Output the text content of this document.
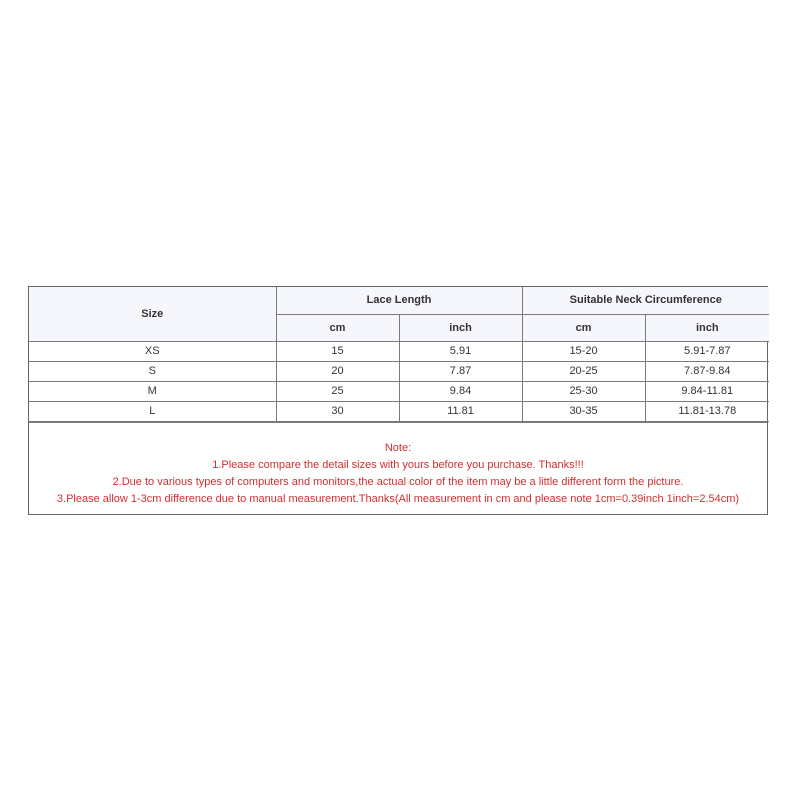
Size	Lace Length		Suitable Neck Circumference	
	cm	inch	cm	inch
XS	15	5.91	15-20	5.91-7.87
S	20	7.87	20-25	7.87-9.84
M	25	9.84	25-30	9.84-11.81
L	30	11.81	30-35	11.81-13.78
Note:
1.Please compare the detail sizes with yours before you purchase. Thanks!!!
2.Due to various types of computers and monitors,the actual color of the item may be a little different form the picture.
3.Please allow 1-3cm difference due to manual measurement.Thanks(All measurement in cm and please note 1cm=0.39inch 1inch=2.54cm)
